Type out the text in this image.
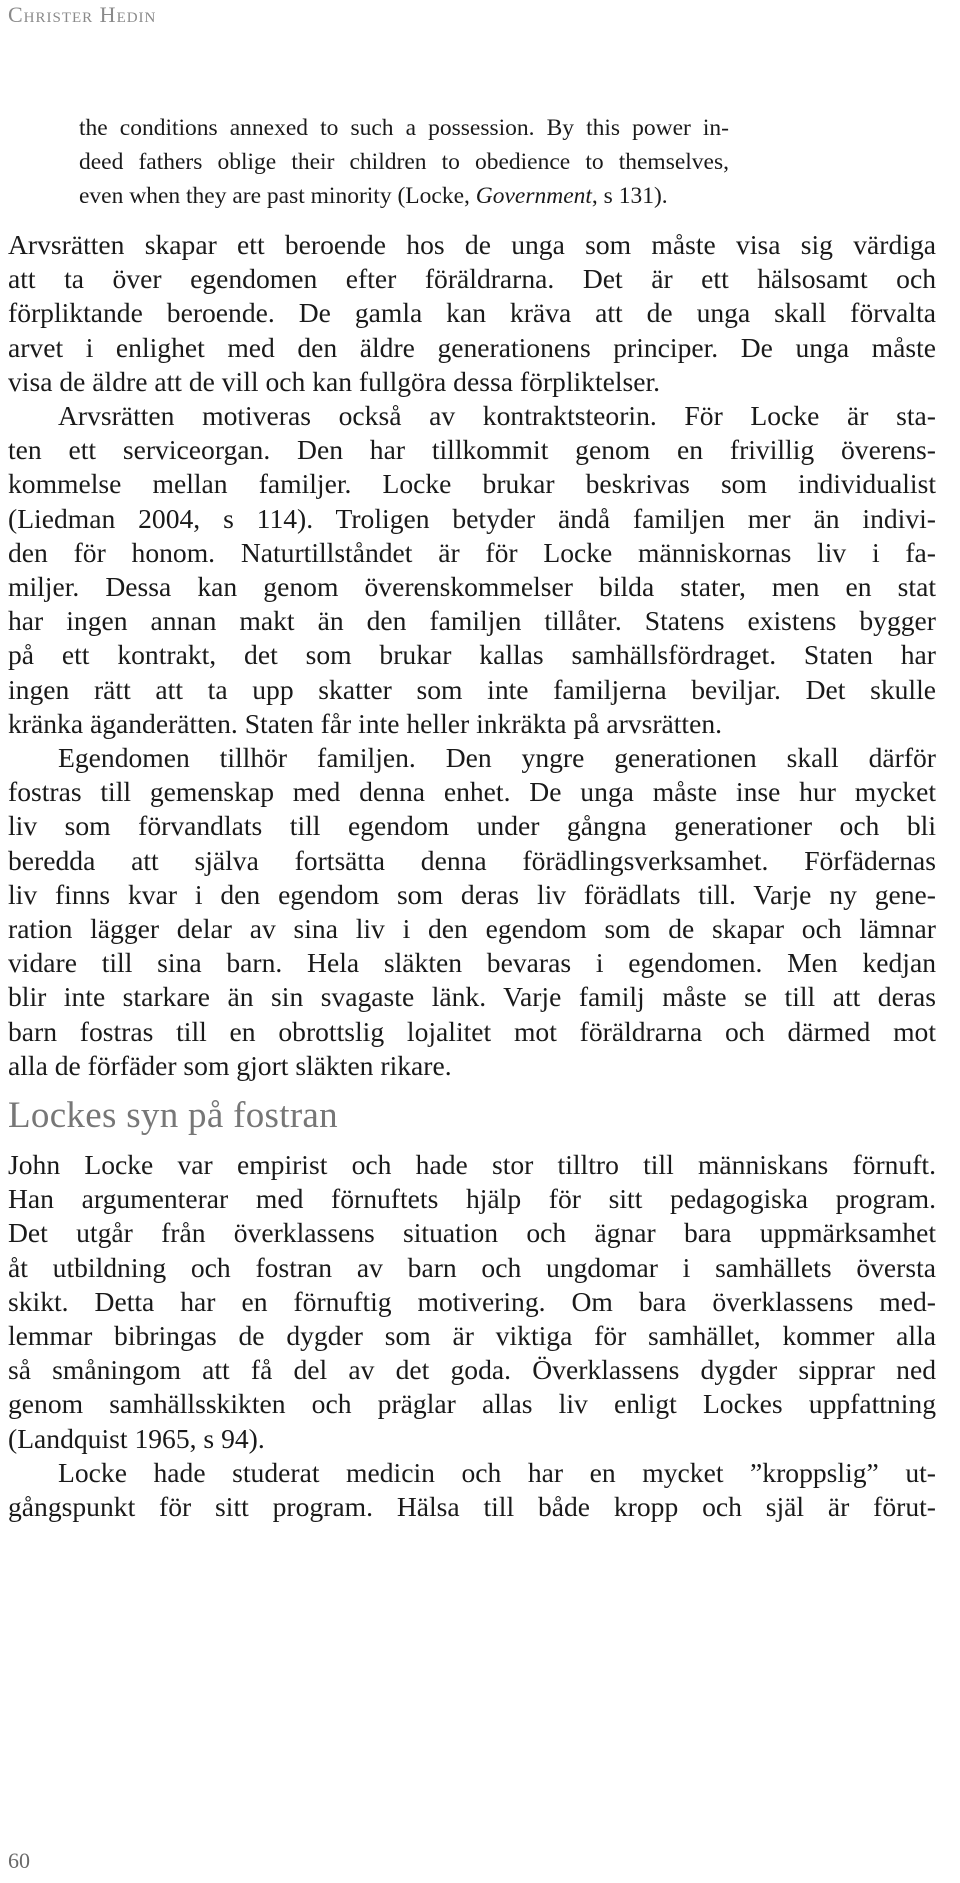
Christer Hedin
the conditions annexed to such a possession. By this power in-
deed fathers oblige their children to obedience to themselves,
even when they are past minority (Locke, Government, s 131).
Arvsrätten skapar ett beroende hos de unga som måste visa sig värdiga
att ta över egendomen efter föräldrarna. Det är ett hälsosamt och
förpliktande beroende. De gamla kan kräva att de unga skall förvalta
arvet i enlighet med den äldre generationens principer. De unga måste
visa de äldre att de vill och kan fullgöra dessa förpliktelser.
Arvsrätten motiveras också av kontraktsteorin. För Locke är sta-
ten ett serviceorgan. Den har tillkommit genom en frivillig överens-
kommelse mellan familjer. Locke brukar beskrivas som individualist
(Liedman 2004, s 114). Troligen betyder ändå familjen mer än indivi-
den för honom. Naturtillståndet är för Locke människornas liv i fa-
miljer. Dessa kan genom överenskommelser bilda stater, men en stat
har ingen annan makt än den familjen tillåter. Statens existens bygger
på ett kontrakt, det som brukar kallas samhällsfördraget. Staten har
ingen rätt att ta upp skatter som inte familjerna beviljar. Det skulle
kränka äganderätten. Staten får inte heller inkräkta på arvsrätten.
Egendomen tillhör familjen. Den yngre generationen skall därför
fostras till gemenskap med denna enhet. De unga måste inse hur mycket
liv som förvandlats till egendom under gångna generationer och bli
beredda att själva fortsätta denna förädlingsverksamhet. Förfädernas
liv finns kvar i den egendom som deras liv förädlats till. Varje ny gene-
ration lägger delar av sina liv i den egendom som de skapar och lämnar
vidare till sina barn. Hela släkten bevaras i egendomen. Men kedjan
blir inte starkare än sin svagaste länk. Varje familj måste se till att deras
barn fostras till en obrottslig lojalitet mot föräldrarna och därmed mot
alla de förfäder som gjort släkten rikare.
Lockes syn på fostran
John Locke var empirist och hade stor tilltro till människans förnuft.
Han argumenterar med förnuftets hjälp för sitt pedagogiska program.
Det utgår från överklassens situation och ägnar bara uppmärksamhet
åt utbildning och fostran av barn och ungdomar i samhällets översta
skikt. Detta har en förnuftig motivering. Om bara överklassens med-
lemmar bibringas de dygder som är viktiga för samhället, kommer alla
så småningom att få del av det goda. Överklassens dygder sipprar ned
genom samhällsskikten och präglar allas liv enligt Lockes uppfattning
(Landquist 1965, s 94).
Locke hade studerat medicin och har en mycket ”kroppslig” ut-
gångspunkt för sitt program. Hälsa till både kropp och själ är förut-
60
